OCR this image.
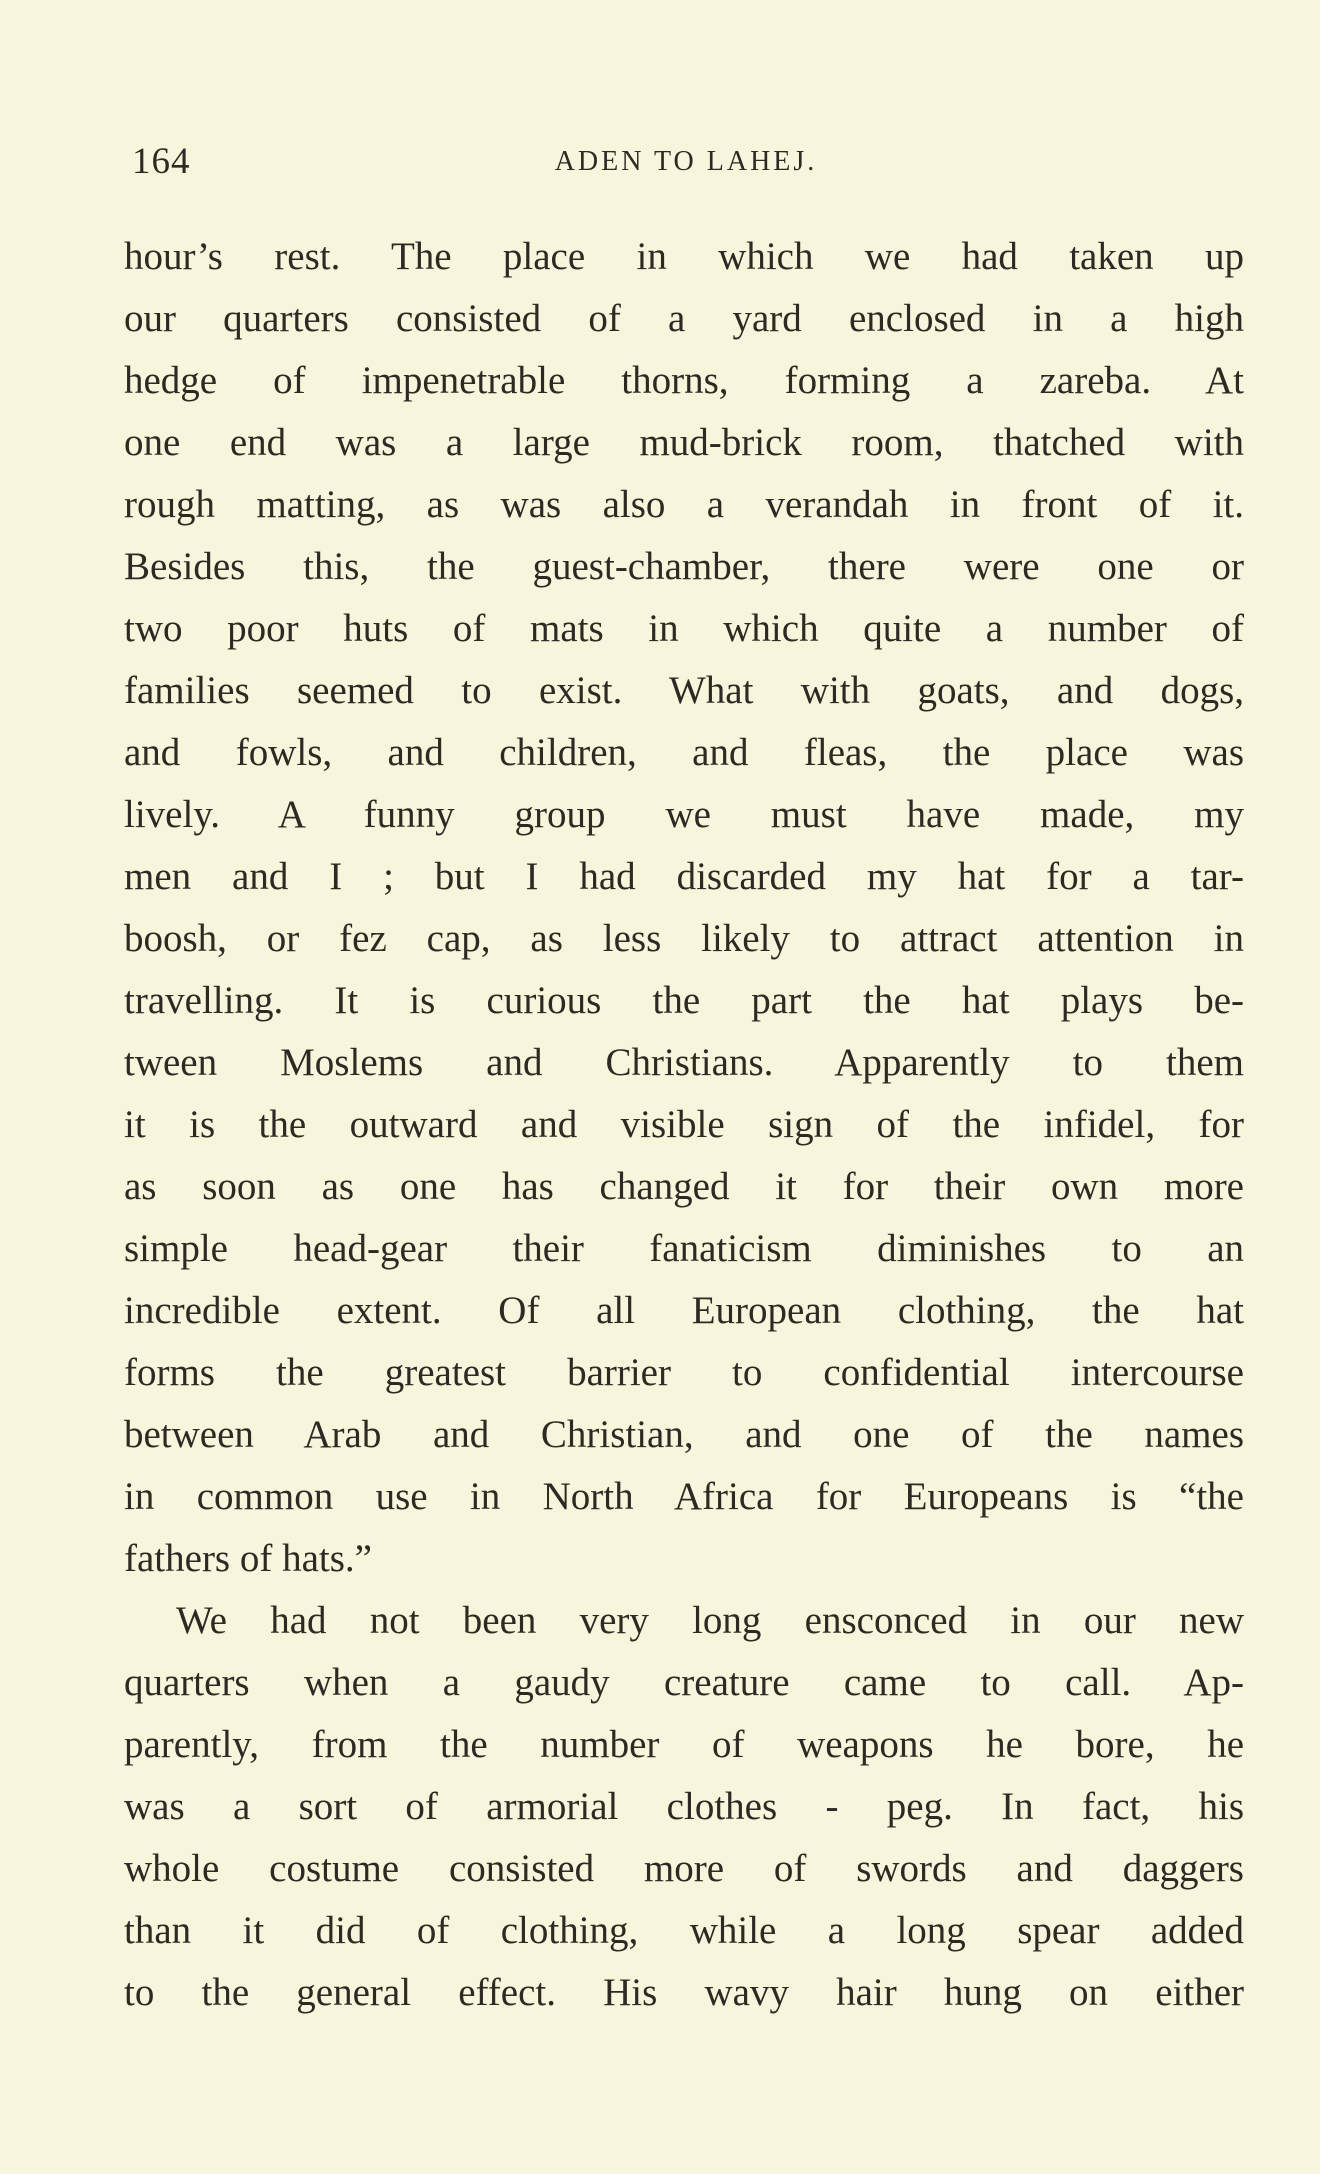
164	ADEN TO LAHEJ.
hour’s rest. The place in which we had taken up
our quarters consisted of a yard enclosed in a high
hedge of impenetrable thorns, forming a zareba. At
one end was a large mud-brick room, thatched with
rough matting, as was also a verandah in front of it.
Besides this, the guest-chamber, there were one or
two poor huts of mats in which quite a number of
families seemed to exist. What with goats, and dogs,
and fowls, and children, and fleas, the place was
lively. A funny group we must have made, my
men and I ; but I had discarded my hat for a tar-
boosh, or fez cap, as less likely to attract attention in
travelling. It is curious the part the hat plays be-
tween Moslems and Christians. Apparently to them
it is the outward and visible sign of the infidel, for
as soon as one has changed it for their own more
simple head-gear their fanaticism diminishes to an
incredible extent. Of all European clothing, the hat
forms the greatest barrier to confidential intercourse
between Arab and Christian, and one of the names
in common use in North Africa for Europeans is “the
fathers of hats.”
We had not been very long ensconced in our new
quarters when a gaudy creature came to call. Ap-
parently, from the number of weapons he bore, he
was a sort of armorial clothes - peg. In fact, his
whole costume consisted more of swords and daggers
than it did of clothing, while a long spear added
to the general effect. His wavy hair hung on either
